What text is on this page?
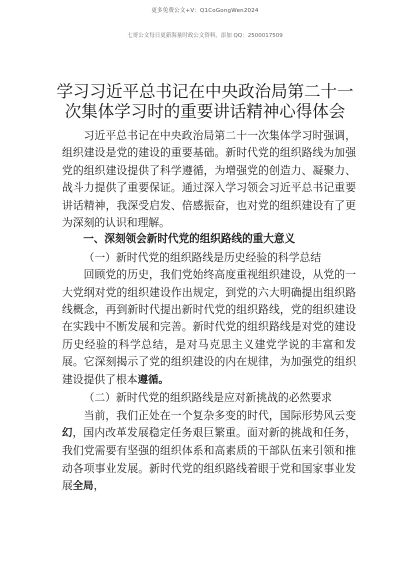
更多免费公文+V：Q1CoGongWen2024
七哥公文每日更新海量时政公文资料，添加 QQ：2500017509
学习习近平总书记在中央政治局第二十一次集体学习时的重要讲话精神心得体会

习近平总书记在中央政治局第二十一次集体学习时强调，组织建设是党的建设的重要基础。新时代党的组织路线为加强党的组织建设提供了科学遵循，为增强党的创造力、凝聚力、战斗力提供了重要保证。通过深入学习领会习近平总书记重要讲话精神，我深受启发、倍感振奋，也对党的组织建设有了更为深刻的认识和理解。

一、深刻领会新时代党的组织路线的重大意义

（一）新时代党的组织路线是历史经验的科学总结

回顾党的历史，我们党始终高度重视组织建设，从党的一大党纲对党的组织建设作出规定，到党的六大明确提出组织路线概念，再到新时代提出新时代党的组织路线，党的组织建设在实践中不断发展和完善。新时代党的组织路线是对党的建设历史经验的科学总结，是对马克思主义建党学说的丰富和发展。它深刻揭示了党的组织建设的内在规律，为加强党的组织建设提供了根本遵循。

（二）新时代党的组织路线是应对新挑战的必然要求

当前，我们正处在一个复杂多变的时代，国际形势风云变幻，国内改革发展稳定任务艰巨繁重。面对新的挑战和任务，我们党需要有坚强的组织体系和高素质的干部队伍来引领和推动各项事业发展。新时代党的组织路线着眼于党和国家事业发展全局，
